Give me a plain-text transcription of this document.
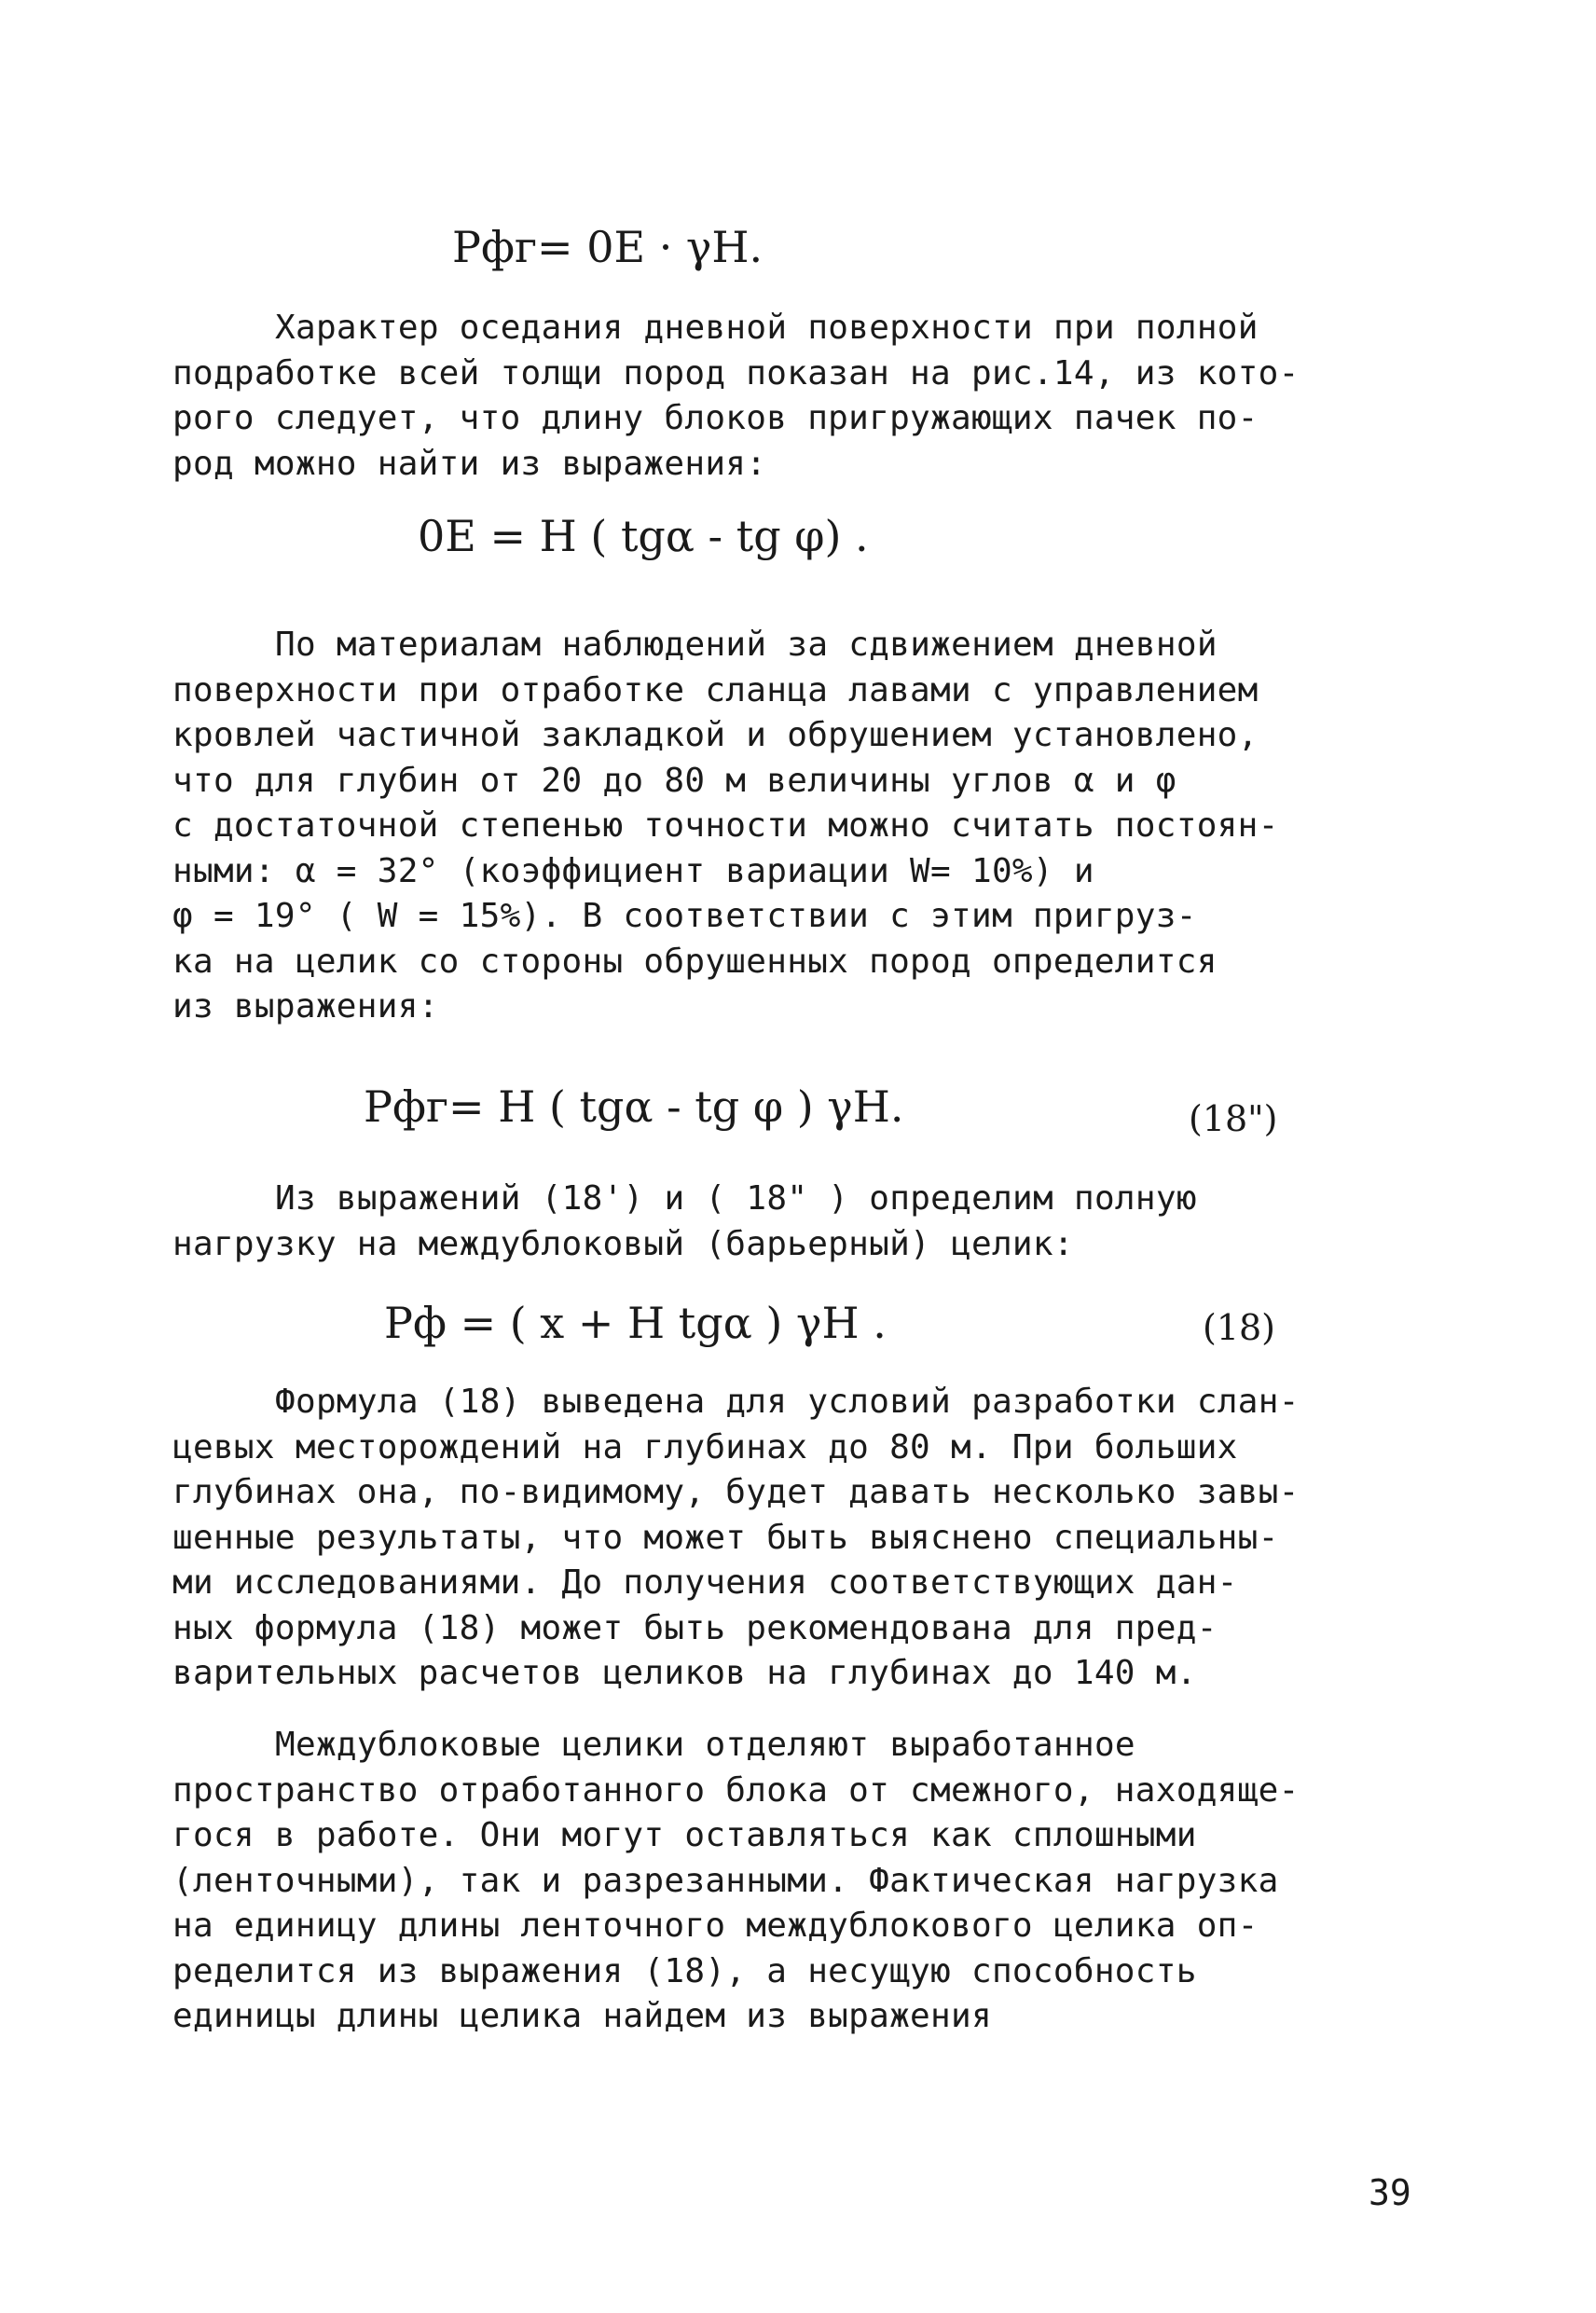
Pфг= 0E · γH.
Характер оседания дневной поверхности при полной
подработке всей толщи пород показан на рис.14, из кото-
рого следует, что длину блоков пригружающих пачек по-
род можно найти из выражения:
0E = H ( tgα - tg φ) .
По материалам наблюдений за сдвижением дневной
поверхности при отработке сланца лавами с управлением
кровлей частичной закладкой и обрушением установлено,
что для глубин от 20 до 80 м величины углов α и φ
с достаточной степенью точности можно считать постоян-
ными: α = 32° (коэффициент вариации W= 10%) и
φ = 19° ( W = 15%). В соответствии с этим пригруз-
ка на целик со стороны обрушенных пород определится
из выражения:
Pфг= H ( tgα - tg φ ) γH.	(18")
Из выражений (18') и ( 18" ) определим полную
нагрузку на междублоковый (барьерный) целик:
Pф = ( x + H tgα ) γH .	(18)
Формула (18) выведена для условий разработки слан-
цевых месторождений на глубинах до 80 м. При больших
глубинах она, по-видимому, будет давать несколько завы-
шенные результаты, что может быть выяснено специальны-
ми исследованиями. До получения соответствующих дан-
ных формула (18) может быть рекомендована для пред-
варительных расчетов целиков на глубинах до 140 м.
Междублоковые целики отделяют выработанное
пространство отработанного блока от смежного, находяще-
гося в работе. Они могут оставляться как сплошными
(ленточными), так и разрезанными. Фактическая нагрузка
на единицу длины ленточного междублокового целика оп-
ределится из выражения (18), а несущую способность
единицы длины целика найдем из выражения
39
